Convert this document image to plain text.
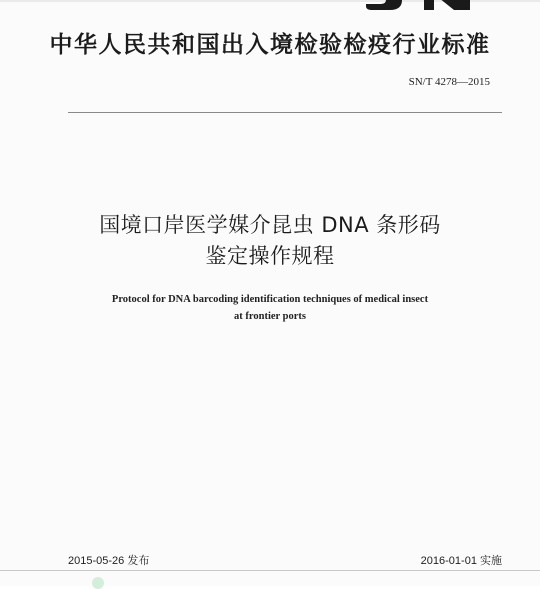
中华人民共和国出入境检验检疫行业标准
SN/T 4278—2015
国境口岸医学媒介昆虫 DNA 条形码
鉴定操作规程
Protocol for DNA barcoding identification techniques of medical insect
at frontier ports
2015-05-26 发布	2016-01-01 实施
